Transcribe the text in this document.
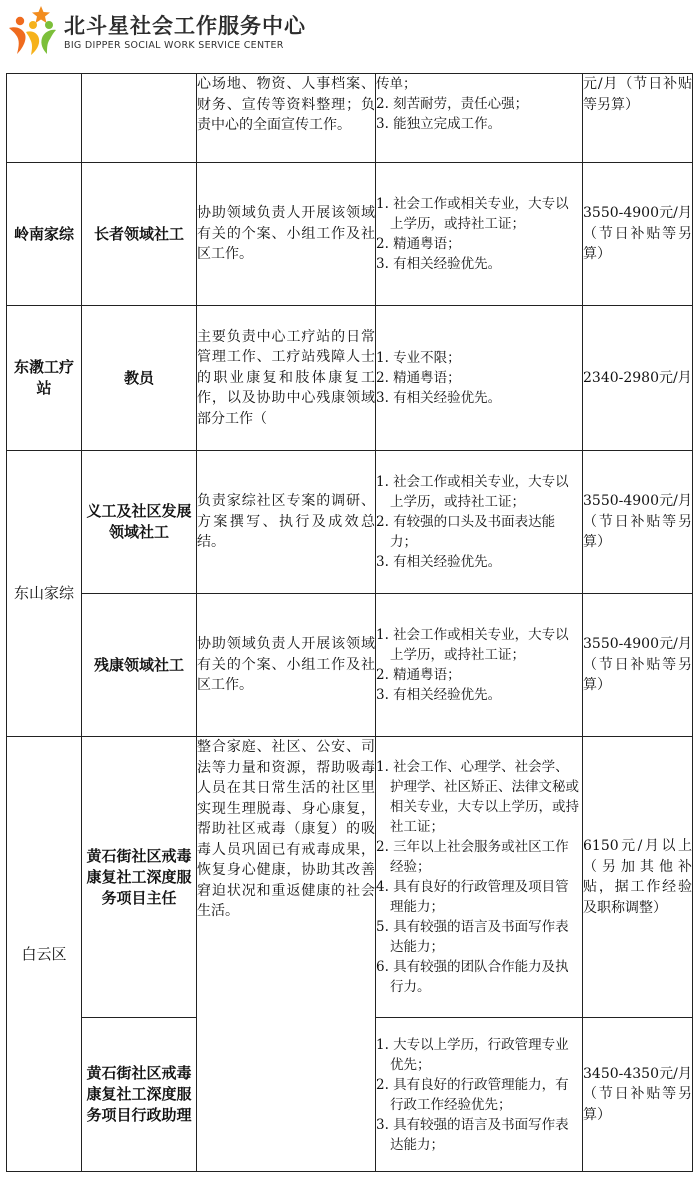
北斗星社会工作服务中心
BIG DIPPER SOCIAL WORK SERVICE CENTER
		心场地、物资、人事档案、财务、宣传等资料整理；负责中心的全面宣传工作。	传单；
2. 刻苦耐劳，责任心强；
3. 能独立完成工作。	元/月（节日补贴等另算）
岭南家综	长者领域社工	协助领域负责人开展该领域有关的个案、小组工作及社区工作。	1. 社会工作或相关专业，大专以上学历，或持社工证；
2. 精通粤语；
3. 有相关经验优先。	3550-4900元/月（节日补贴等另算）
东漖工疗站	教员	主要负责中心工疗站的日常管理工作、工疗站残障人士的职业康复和肢体康复工作，以及协助中心残康领域部分工作（	1. 专业不限；
2. 精通粤语；
3. 有相关经验优先。	2340-2980元/月
东山家综	义工及社区发展领域社工	负责家综社区专案的调研、方案撰写、执行及成效总结。	1. 社会工作或相关专业，大专以上学历，或持社工证；
2. 有较强的口头及书面表达能力；
3. 有相关经验优先。	3550-4900元/月（节日补贴等另算）
	残康领域社工	协助领域负责人开展该领域有关的个案、小组工作及社区工作。	1. 社会工作或相关专业，大专以上学历，或持社工证；
2. 精通粤语；
3. 有相关经验优先。	3550-4900元/月（节日补贴等另算）
白云区	黄石街社区戒毒康复社工深度服务项目主任	整合家庭、社区、公安、司法等力量和资源，帮助吸毒人员在其日常生活的社区里实现生理脱毒、身心康复，帮助社区戒毒（康复）的吸毒人员巩固已有戒毒成果，恢复身心健康，协助其改善窘迫状况和重返健康的社会生活。	1. 社会工作、心理学、社会学、护理学、社区矫正、法律文秘或相关专业，大专以上学历，或持社工证；
2. 三年以上社会服务或社区工作经验；
4. 具有良好的行政管理及项目管理能力；
5. 具有较强的语言及书面写作表达能力；
6. 具有较强的团队合作能力及执行力。	6150元/月以上（另加其他补贴，据工作经验及职称调整）
	黄石街社区戒毒康复社工深度服务项目行政助理		1. 大专以上学历，行政管理专业优先；
2. 具有良好的行政管理能力，有行政工作经验优先；
3. 具有较强的语言及书面写作表达能力；	3450-4350元/月（节日补贴等另算）
